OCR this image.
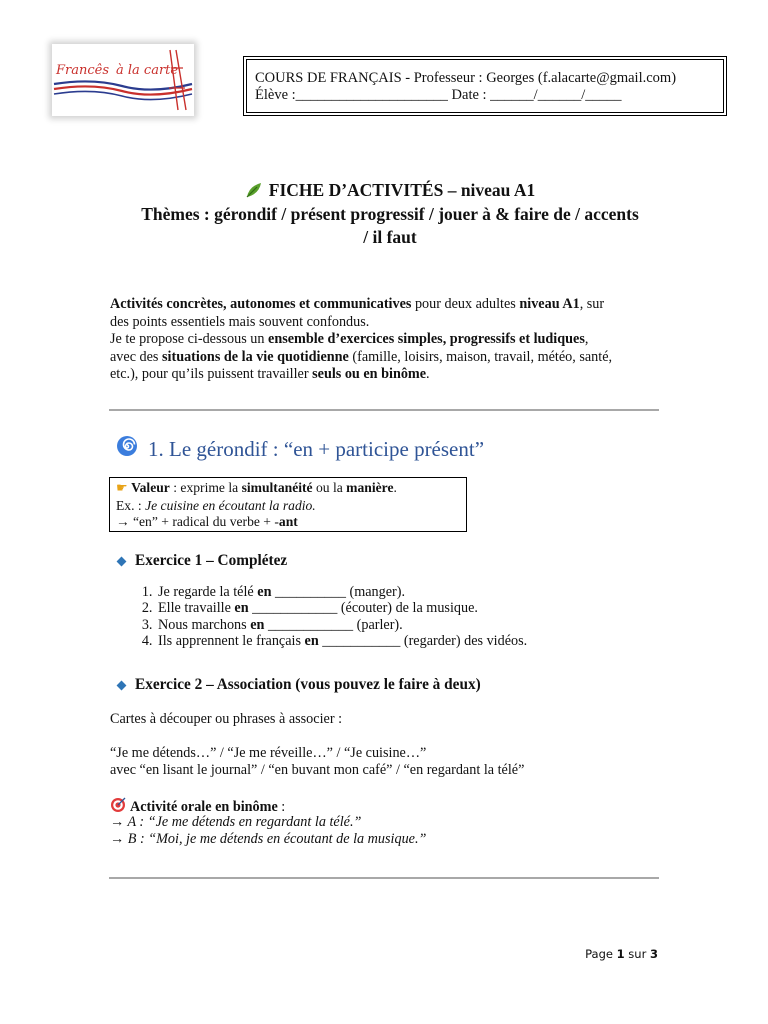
Francês à la carte	COURS DE FRANÇAIS - Professeur : Georges (f.alacarte@gmail.com)
Élève :_____________________ Date : ______/______/_____
FICHE D’ACTIVITÉS – niveau A1
Thèmes : gérondif / présent progressif / jouer à & faire de / accents
/ il faut
Activités concrètes, autonomes et communicatives pour deux adultes niveau A1, sur
des points essentiels mais souvent confondus.
Je te propose ci-dessous un ensemble d’exercices simples, progressifs et ludiques,
avec des situations de la vie quotidienne (famille, loisirs, maison, travail, météo, santé,
etc.), pour qu’ils puissent travailler seuls ou en binôme.
1. Le gérondif : “en + participe présent”
☛ Valeur : exprime la simultanéité ou la manière.
Ex. : Je cuisine en écoutant la radio.
→ “en” + radical du verbe + -ant
Exercice 1 – Complétez
1. Je regarde la télé en __________ (manger).
2. Elle travaille en ____________ (écouter) de la musique.
3. Nous marchons en ____________ (parler).
4. Ils apprennent le français en ___________ (regarder) des vidéos.
Exercice 2 – Association (vous pouvez le faire à deux)
Cartes à découper ou phrases à associer :
“Je me détends…” / “Je me réveille…” / “Je cuisine…”
avec “en lisant le journal” / “en buvant mon café” / “en regardant la télé”
Activité orale en binôme :
→ A : “Je me détends en regardant la télé.”
→ B : “Moi, je me détends en écoutant de la musique.”
Page 1 sur 3
